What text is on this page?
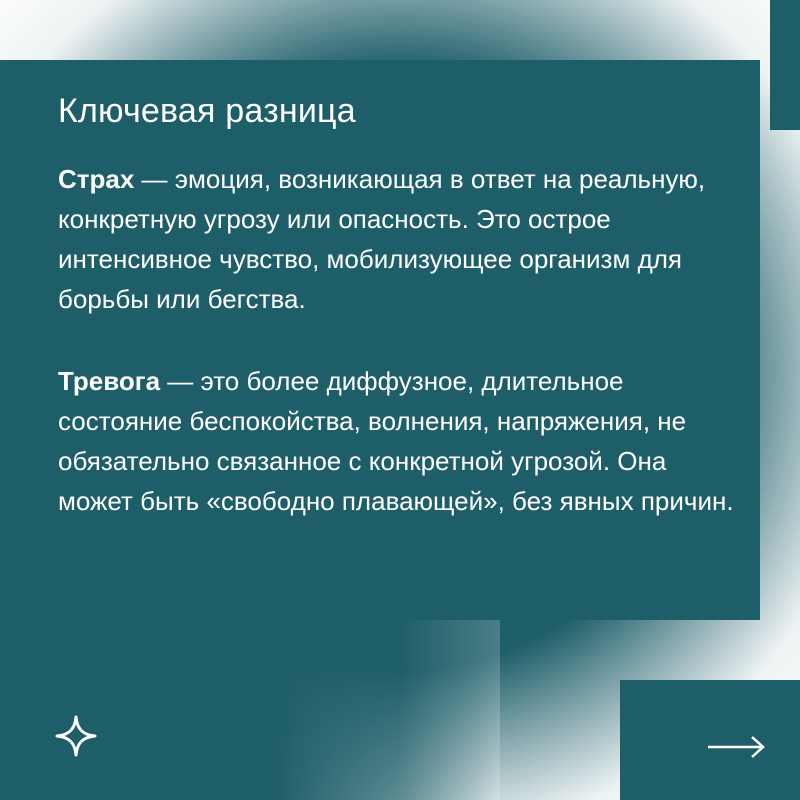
Ключевая разница

Страх — эмоция, возникающая в ответ на реальную, конкретную угрозу или опасность. Это острое интенсивное чувство, мобилизующее организм для борьбы или бегства.

Тревога — это более диффузное, длительное состояние беспокойства, волнения, напряжения, не обязательно связанное с конкретной угрозой. Она может быть «свободно плавающей», без явных причин.
